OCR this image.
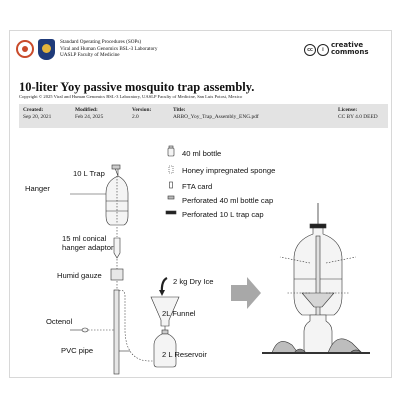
Standard Operating Procedures (SOPs)
Viral and Human Genomics BSL-3 Laboratory
UASLP Faculty of Medicine
cc	i
creative
commons
10-liter Yoy passive mosquito trap assembly.
Copyright © 2025 Viral and Human Genomics BSL-3 Laboratory, UASLP Faculty of Medicine, San Luis Potosi, Mexico
Created:
Sep 20, 2021
Modified:
Feb 24, 2025
Version:
2.0
Title:
ARBO_Yoy_Trap_Assembly_ENG.pdf
License:
CC BY 4.0 DEED
40 ml bottle
Honey impregnated sponge
FTA card
Perforated 40 ml bottle cap
Perforated 10 L trap cap
10 L Trap
Hanger
15 ml conical
hanger adaptor
Humid gauze
2 kg Dry Ice
2L Funnel
Octenol
PVC pipe	2 L Reservoir
